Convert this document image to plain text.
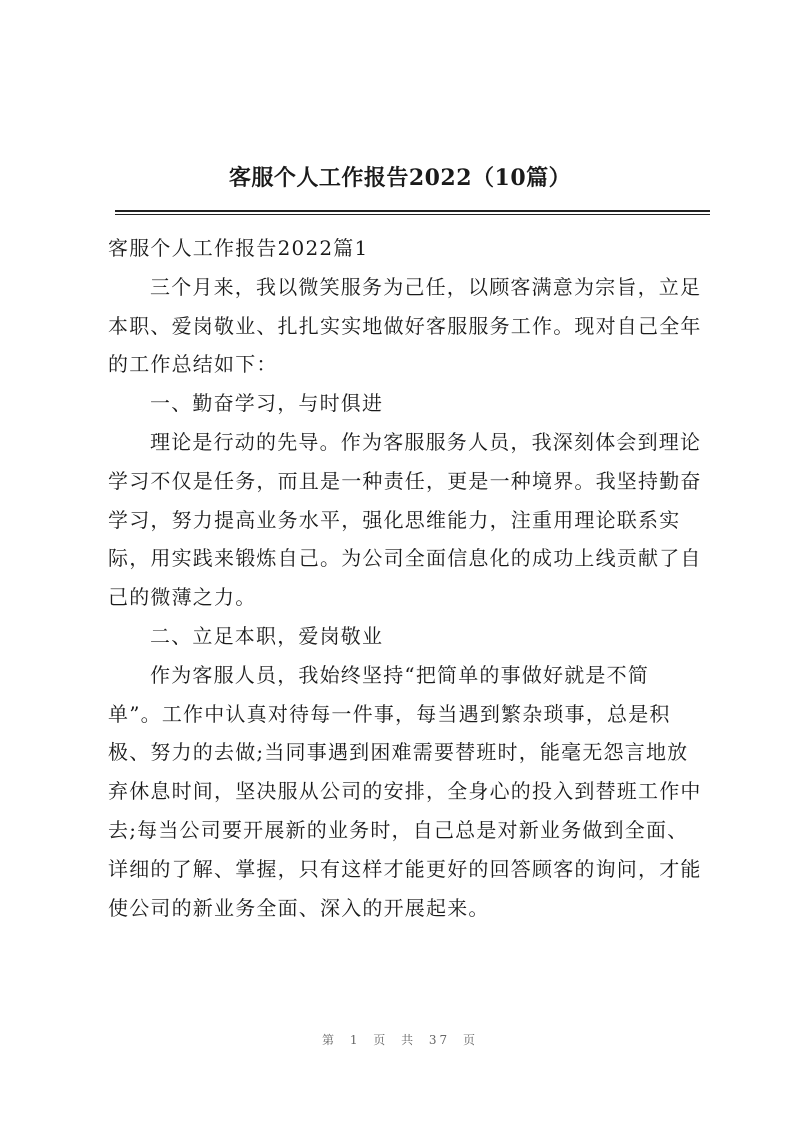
客服个人工作报告2022（10篇）

客服个人工作报告2022篇1

三个月来，我以微笑服务为己任，以顾客满意为宗旨，立足

本职、爱岗敬业、扎扎实实地做好客服服务工作。现对自己全年

的工作总结如下：

一、勤奋学习，与时俱进

理论是行动的先导。作为客服服务人员，我深刻体会到理论

学习不仅是任务，而且是一种责任，更是一种境界。我坚持勤奋

学习，努力提高业务水平，强化思维能力，注重用理论联系实

际，用实践来锻炼自己。为公司全面信息化的成功上线贡献了自

己的微薄之力。

二、立足本职，爱岗敬业

作为客服人员，我始终坚持“把简单的事做好就是不简

单”。工作中认真对待每一件事，每当遇到繁杂琐事，总是积

极、努力的去做;当同事遇到困难需要替班时，能毫无怨言地放

弃休息时间，坚决服从公司的安排，全身心的投入到替班工作中

去;每当公司要开展新的业务时，自己总是对新业务做到全面、

详细的了解、掌握，只有这样才能更好的回答顾客的询问，才能

使公司的新业务全面、深入的开展起来。

第 1 页 共 37 页
